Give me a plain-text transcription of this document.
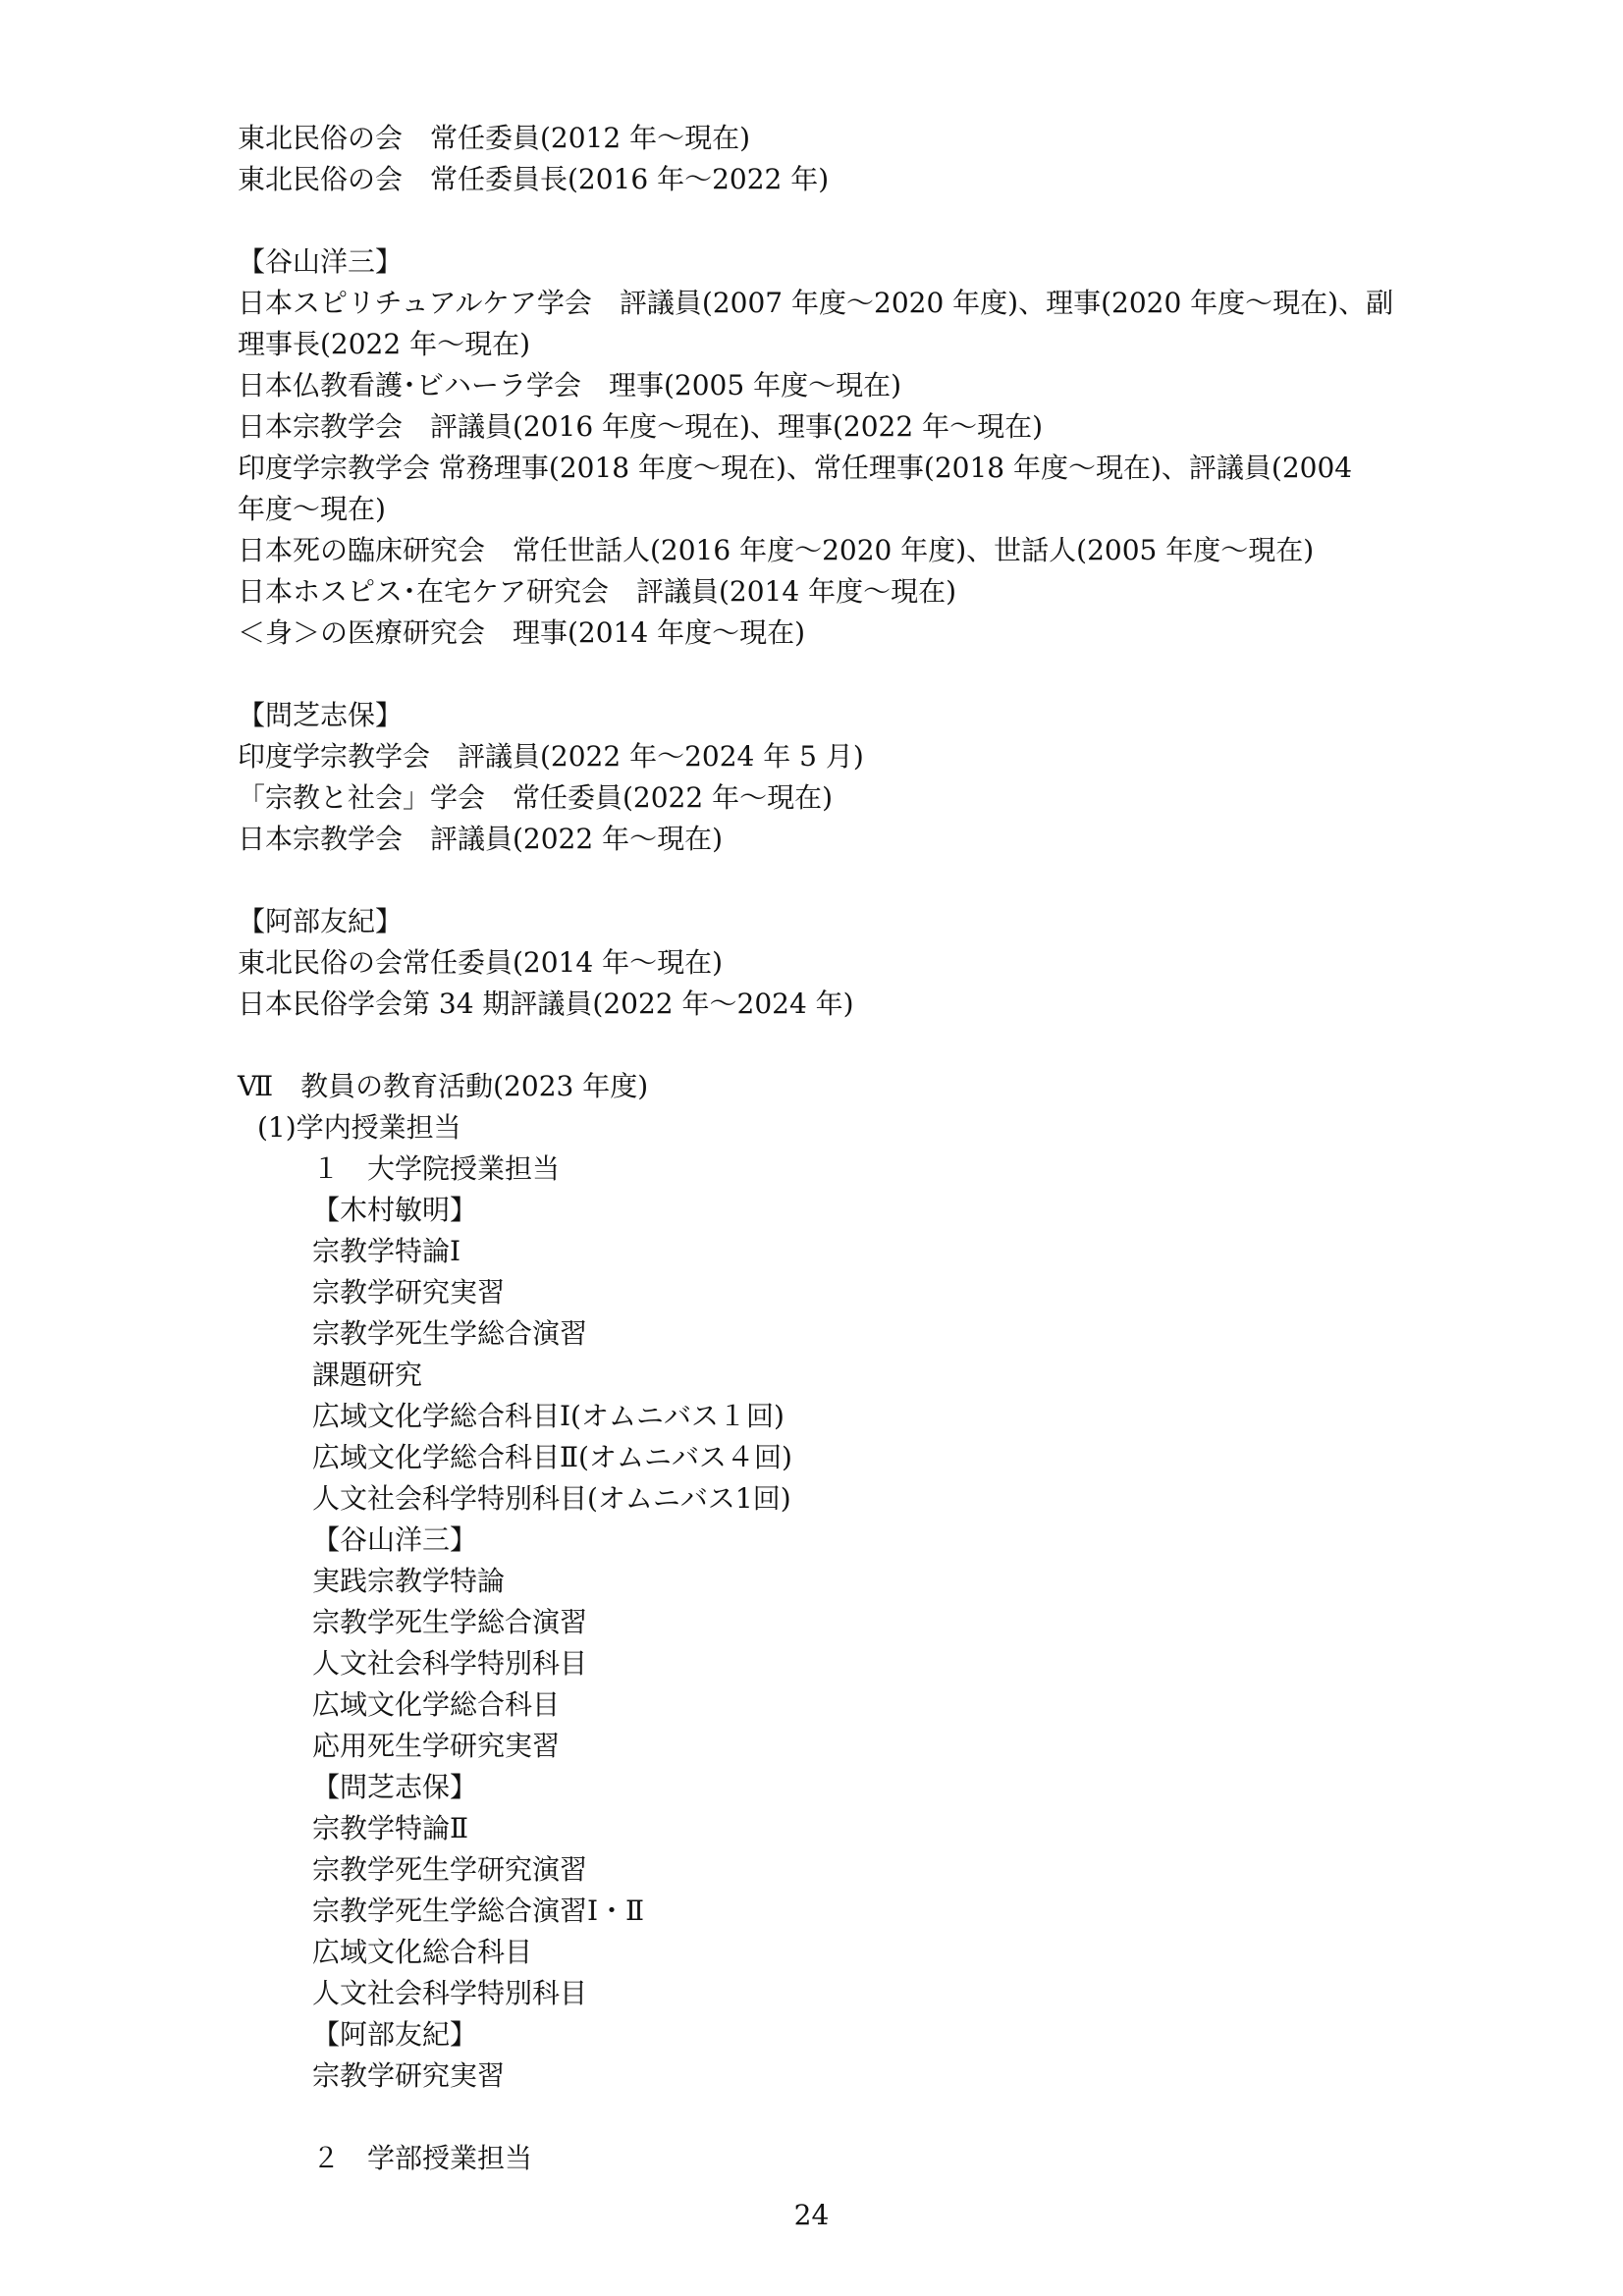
東北民俗の会　常任委員(2012 年～現在)
東北民俗の会　常任委員長(2016 年～2022 年)
【谷山洋三】
日本スピリチュアルケア学会　評議員(2007 年度～2020 年度)、理事(2020 年度～現在)、副
理事長(2022 年～現在)
日本仏教看護･ビハーラ学会　理事(2005 年度～現在)
日本宗教学会　評議員(2016 年度～現在)、理事(2022 年～現在)
印度学宗教学会 常務理事(2018 年度～現在)、常任理事(2018 年度～現在)、評議員(2004
年度～現在)
日本死の臨床研究会　常任世話人(2016 年度～2020 年度)、世話人(2005 年度～現在)
日本ホスピス･在宅ケア研究会　評議員(2014 年度～現在)
＜身＞の医療研究会　理事(2014 年度～現在)
【問芝志保】
印度学宗教学会　評議員(2022 年～2024 年 5 月)
「宗教と社会」学会　常任委員(2022 年～現在)
日本宗教学会　評議員(2022 年～現在)
【阿部友紀】
東北民俗の会常任委員(2014 年～現在)
日本民俗学会第 34 期評議員(2022 年～2024 年)
Ⅶ　教員の教育活動(2023 年度)
(1)学内授業担当
１　大学院授業担当
【木村敏明】
宗教学特論Ⅰ
宗教学研究実習
宗教学死生学総合演習
課題研究
広域文化学総合科目Ⅰ(オムニバス１回)
広域文化学総合科目Ⅱ(オムニバス４回)
人文社会科学特別科目(オムニバス1回)
【谷山洋三】
実践宗教学特論
宗教学死生学総合演習
人文社会科学特別科目
広域文化学総合科目
応用死生学研究実習
【問芝志保】
宗教学特論Ⅱ
宗教学死生学研究演習
宗教学死生学総合演習Ⅰ・Ⅱ
広域文化総合科目
人文社会科学特別科目
【阿部友紀】
宗教学研究実習
２　学部授業担当
24
